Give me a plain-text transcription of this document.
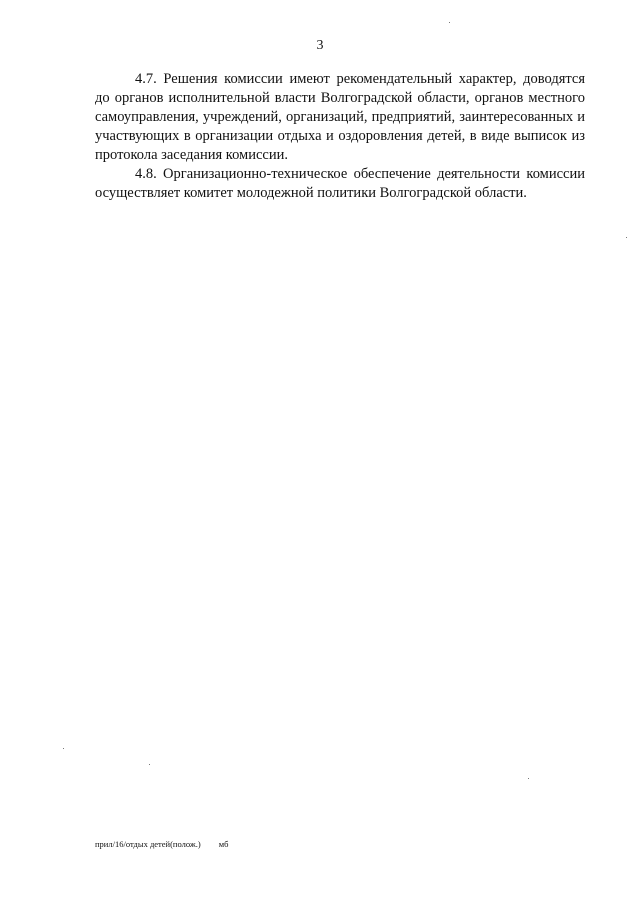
3

4.7. Решения комиссии имеют рекомендательный характер, доводятся до органов исполнительной власти Волгоградской области, органов местного самоуправления, учреждений, организаций, предприятий, заинтересованных и участвующих в организации отдыха и оздоровления детей, в виде выписок из протокола заседания комиссии.

4.8. Организационно-техническое обеспечение деятельности комиссии осуществляет комитет молодежной политики Волгоградской области.

прил/16/отдых детей(полож.) мб
